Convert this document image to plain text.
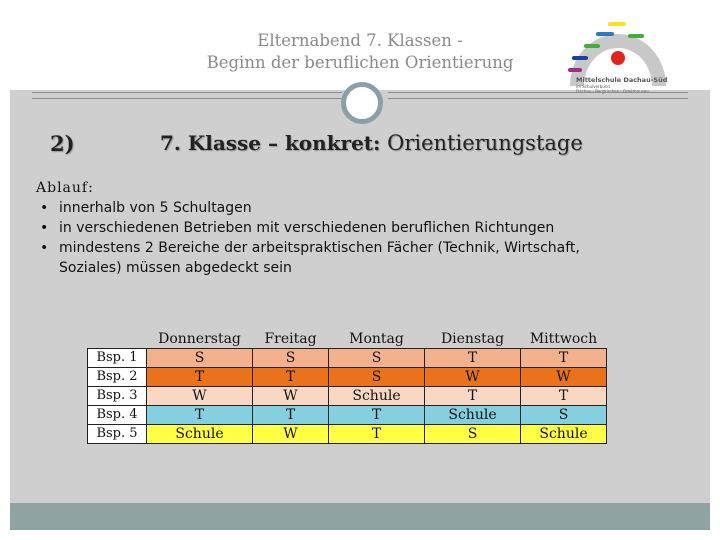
Elternabend 7. Klassen -
Beginn der beruflichen Orientierung
Mittelschule Dachau-Süd
im Schulverbund
Dachau · Bergkirchen · Odelzhausen
2)	7. Klasse – konkret: Orientierungstage
Ablauf:
• innerhalb von 5 Schultagen
• in verschiedenen Betrieben mit verschiedenen beruflichen Richtungen
• mindestens 2 Bereiche der arbeitspraktischen Fächer (Technik, Wirtschaft,
Soziales) müssen abgedeckt sein
	Donnerstag	Freitag	Montag	Dienstag	Mittwoch
Bsp. 1	S	S	S	T	T
Bsp. 2	T	T	S	W	W
Bsp. 3	W	W	Schule	T	T
Bsp. 4	T	T	T	Schule	S
Bsp. 5	Schule	W	T	S	Schule
